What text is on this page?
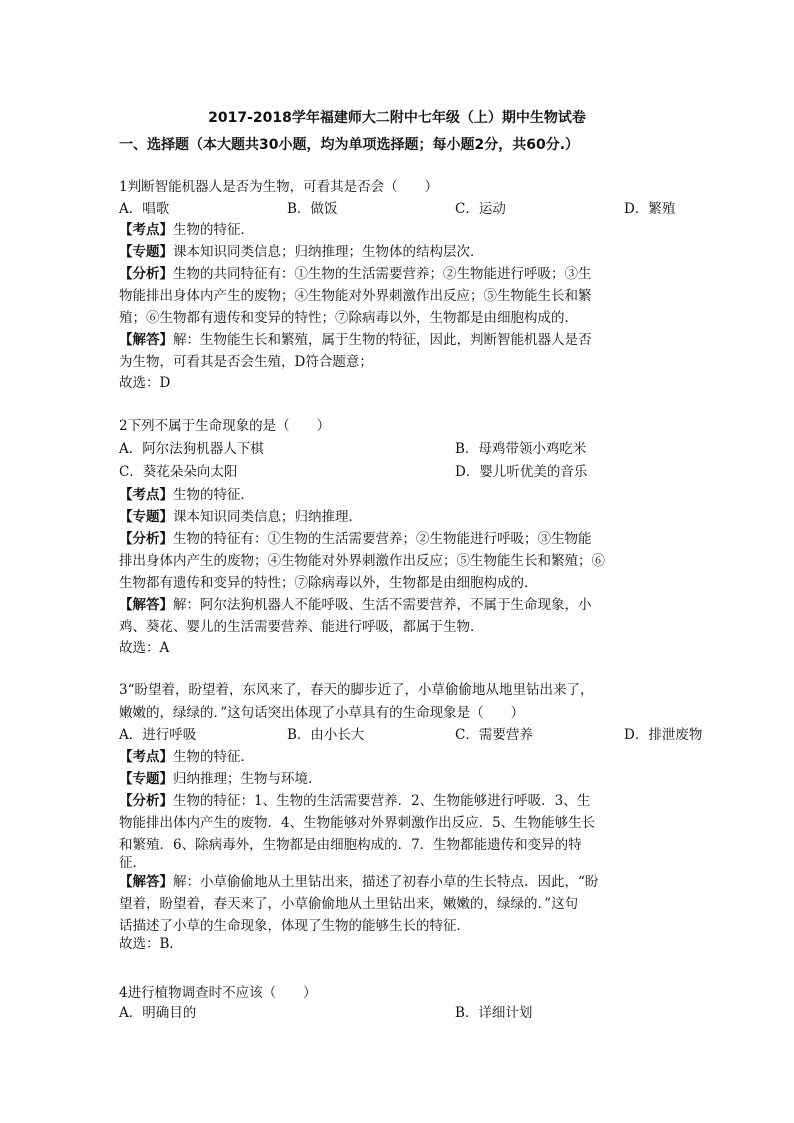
2017-2018学年福建师大二附中七年级（上）期中生物试卷
一、选择题（本大题共30小题，均为单项选择题；每小题2分，共60分.）
1判断智能机器人是否为生物，可看其是否会（　　）
A．唱歌	B．做饭	C．运动	D．繁殖
【考点】生物的特征．
【专题】课本知识同类信息；归纳推理；生物体的结构层次．
【分析】生物的共同特征有：①生物的生活需要营养；②生物能进行呼吸；③生
物能排出身体内产生的废物；④生物能对外界刺激作出反应；⑤生物能生长和繁
殖；⑥生物都有遗传和变异的特性；⑦除病毒以外，生物都是由细胞构成的．
【解答】解：生物能生长和繁殖，属于生物的特征，因此，判断智能机器人是否
为生物，可看其是否会生殖，D符合题意；
故选：D
2下列不属于生命现象的是（　　）
A．阿尔法狗机器人下棋	B．母鸡带领小鸡吃米
C．葵花朵朵向太阳	D．婴儿听优美的音乐
【考点】生物的特征．
【专题】课本知识同类信息；归纳推理．
【分析】生物的特征有：①生物的生活需要营养；②生物能进行呼吸；③生物能
排出身体内产生的废物；④生物能对外界刺激作出反应；⑤生物能生长和繁殖；⑥
生物都有遗传和变异的特性；⑦除病毒以外，生物都是由细胞构成的．
【解答】解：阿尔法狗机器人不能呼吸、生活不需要营养，不属于生命现象，小
鸡、葵花、婴儿的生活需要营养、能进行呼吸，都属于生物．
故选：A
3“盼望着，盼望着，东风来了，春天的脚步近了，小草偷偷地从地里钻出来了，
嫩嫩的，绿绿的．”这句话突出体现了小草具有的生命现象是（　　）
A．进行呼吸	B．由小长大	C．需要营养	D．排泄废物
【考点】生物的特征．
【专题】归纳推理；生物与环境．
【分析】生物的特征：1、生物的生活需要营养．2、生物能够进行呼吸．3、生
物能排出体内产生的废物．4、生物能够对外界刺激作出反应．5、生物能够生长
和繁殖．6、除病毒外，生物都是由细胞构成的．7．生物都能遗传和变异的特
征．
【解答】解：小草偷偷地从土里钻出来，描述了初春小草的生长特点．因此，“盼
望着，盼望着，春天来了，小草偷偷地从土里钻出来，嫩嫩的，绿绿的．”这句
话描述了小草的生命现象，体现了生物的能够生长的特征．
故选：B．
4进行植物调查时不应该（　　）
A．明确目的	B．详细计划
